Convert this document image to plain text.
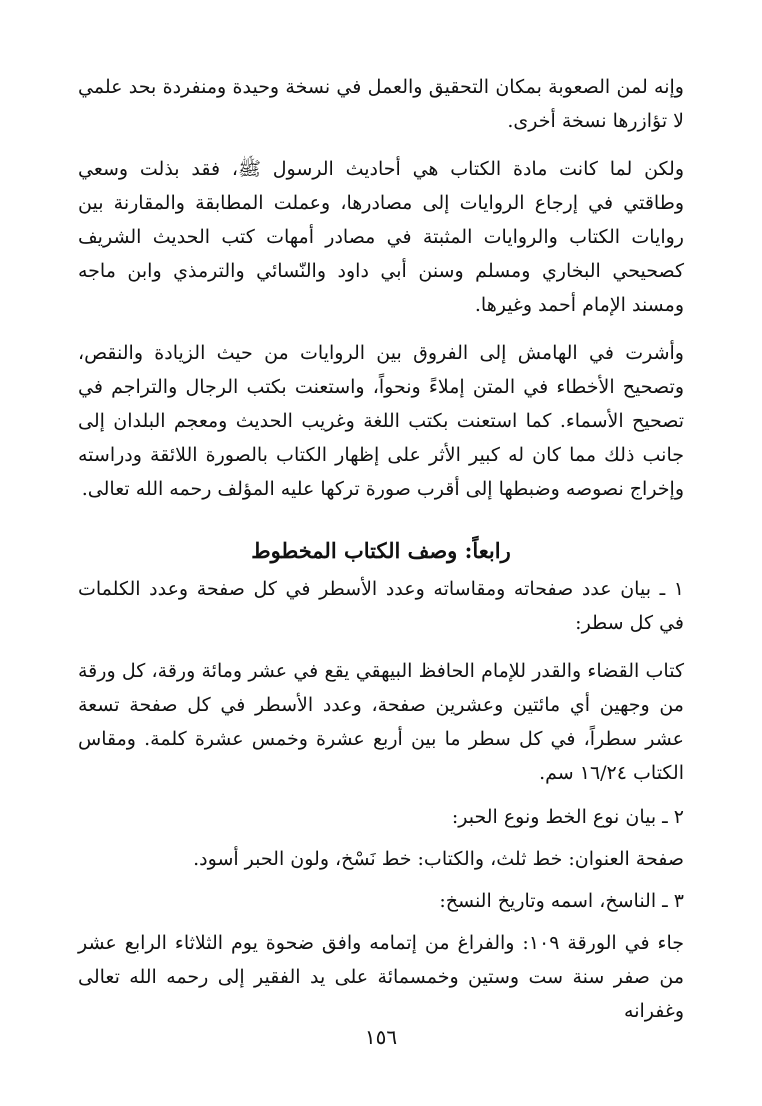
وإنه لمن الصعوبة بمكان التحقيق والعمل في نسخة وحيدة ومنفردة بحد علمي لا تؤازرها نسخة أخرى.

ولكن لما كانت مادة الكتاب هي أحاديث الرسول ﷺ، فقد بذلت وسعي وطاقتي في إرجاع الروايات إلى مصادرها، وعملت المطابقة والمقارنة بين روايات الكتاب والروايات المثبتة في مصادر أمهات كتب الحديث الشريف كصحيحي البخاري ومسلم وسنن أبي داود والنّسائي والترمذي وابن ماجه ومسند الإمام أحمد وغيرها.

وأشرت في الهامش إلى الفروق بين الروايات من حيث الزيادة والنقص، وتصحيح الأخطاء في المتن إملاءً ونحواً، واستعنت بكتب الرجال والتراجم في تصحيح الأسماء. كما استعنت بكتب اللغة وغريب الحديث ومعجم البلدان إلى جانب ذلك مما كان له كبير الأثر على إظهار الكتاب بالصورة اللائقة ودراسته وإخراج نصوصه وضبطها إلى أقرب صورة تركها عليه المؤلف رحمه الله تعالى.

رابعاً: وصف الكتاب المخطوط

١ ـ بيان عدد صفحاته ومقاساته وعدد الأسطر في كل صفحة وعدد الكلمات في كل سطر:

كتاب القضاء والقدر للإمام الحافظ البيهقي يقع في عشر ومائة ورقة، كل ورقة من وجهين أي مائتين وعشرين صفحة، وعدد الأسطر في كل صفحة تسعة عشر سطراً، في كل سطر ما بين أربع عشرة وخمس عشرة كلمة. ومقاس الكتاب ١٦/٢٤ سم.

٢ ـ بيان نوع الخط ونوع الحبر:

صفحة العنوان: خط ثلث، والكتاب: خط نَسْخ، ولون الحبر أسود.

٣ ـ الناسخ، اسمه وتاريخ النسخ:

جاء في الورقة ١٠٩: والفراغ من إتمامه وافق ضحوة يوم الثلاثاء الرابع عشر من صفر سنة ست وستين وخمسمائة على يد الفقير إلى رحمه الله تعالى وغفرانه

١٥٦
